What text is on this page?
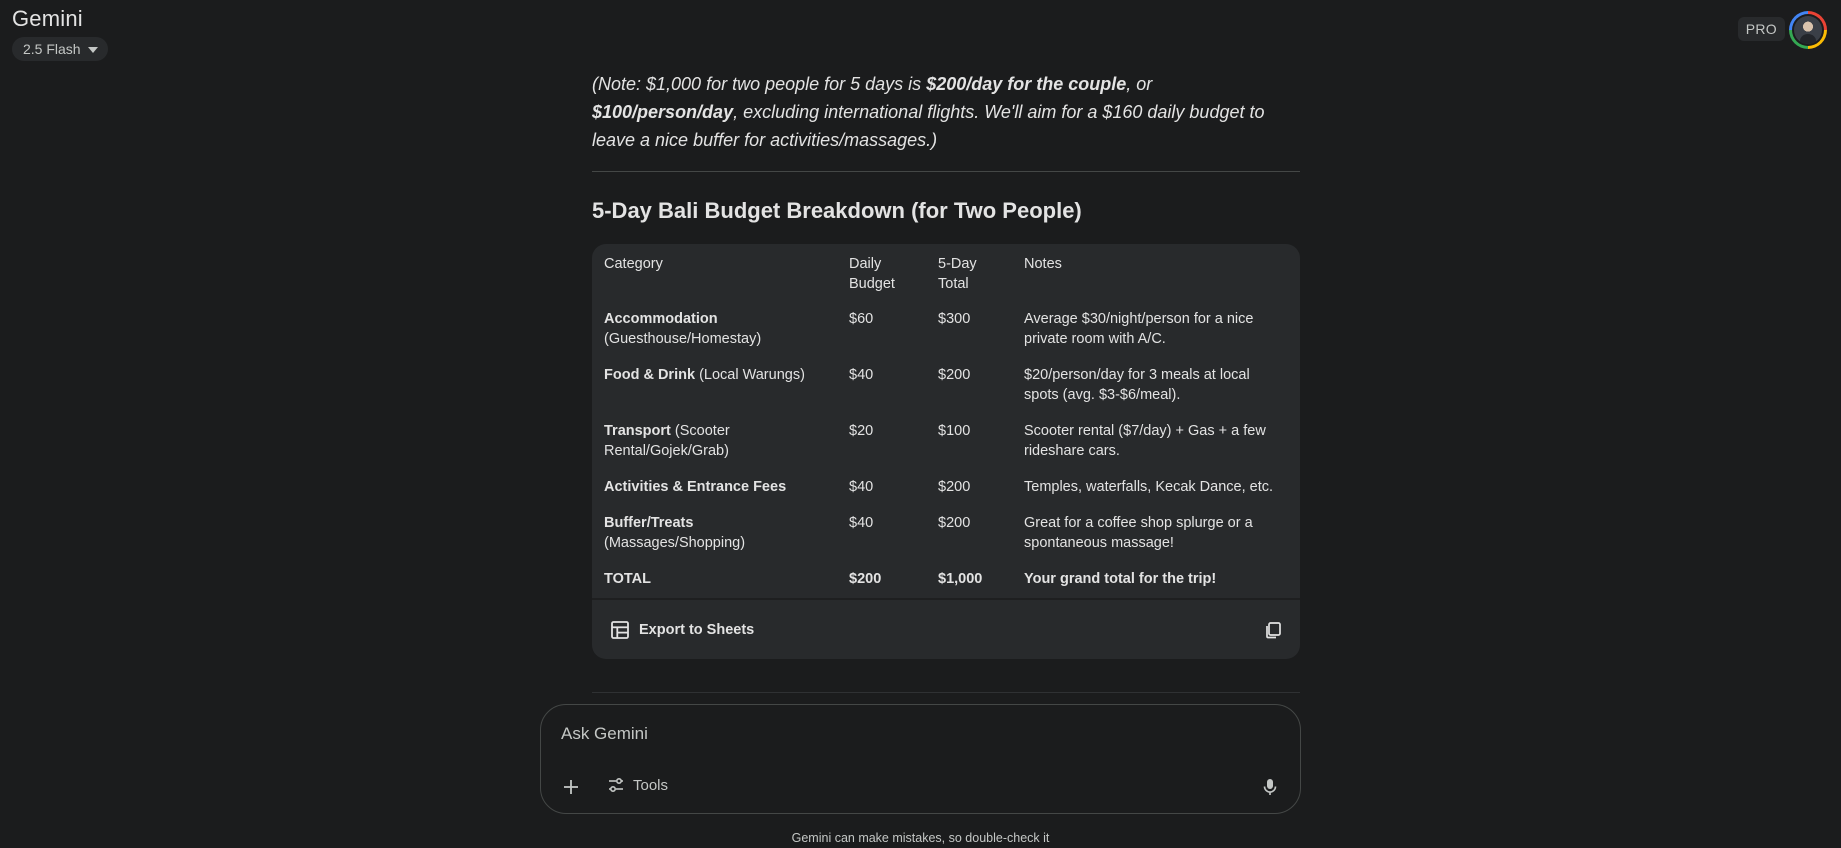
Gemini
2.5 Flash
PRO

(Note: $1,000 for two people for 5 days is $200/day for the couple, or $100/person/day, excluding international flights. We'll aim for a $160 daily budget to leave a nice buffer for activities/massages.)

5-Day Bali Budget Breakdown (for Two People)
Category	Daily Budget	5-Day Total	Notes
Accommodation
(Guesthouse/Homestay)	$60	$300	Average $30/night/person for a nice private room with A/C.
Food & Drink (Local Warungs)	$40	$200	$20/person/day for 3 meals at local spots (avg. $3-$6/meal).
Transport (Scooter Rental/Gojek/Grab)	$20	$100	Scooter rental ($7/day) + Gas + a few rideshare cars.
Activities & Entrance Fees	$40	$200	Temples, waterfalls, Kecak Dance, etc.
Buffer/Treats
(Massages/Shopping)	$40	$200	Great for a coffee shop splurge or a spontaneous massage!
TOTAL	$200	$1,000	Your grand total for the trip!
Export to Sheets
Ask Gemini
Tools
Gemini can make mistakes, so double-check it
